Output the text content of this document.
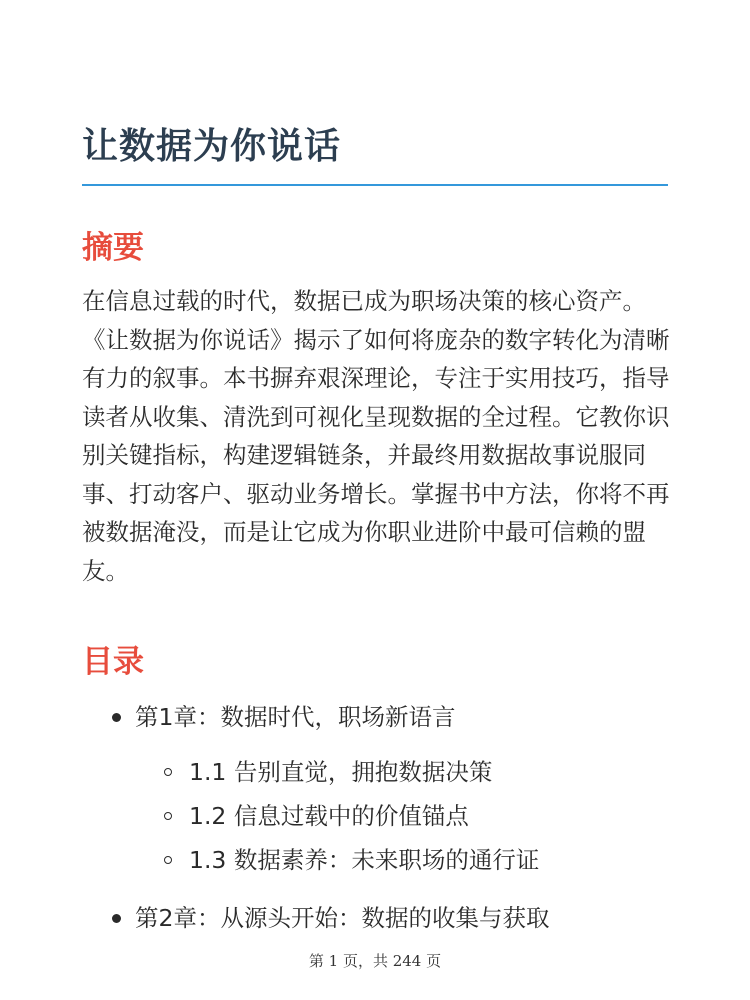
让数据为你说话
摘要

在信息过载的时代，数据已成为职场决策的核心资产。《让数据为你说话》揭示了如何将庞杂的数字转化为清晰有力的叙事。本书摒弃艰深理论，专注于实用技巧，指导读者从收集、清洗到可视化呈现数据的全过程。它教你识别关键指标，构建逻辑链条，并最终用数据故事说服同事、打动客户、驱动业务增长。掌握书中方法，你将不再被数据淹没，而是让它成为你职业进阶中最可信赖的盟友。

目录
第1章：数据时代，职场新语言
1.1 告别直觉，拥抱数据决策
1.2 信息过载中的价值锚点
1.3 数据素养：未来职场的通行证
第2章：从源头开始：数据的收集与获取
第 1 页，共 244 页
